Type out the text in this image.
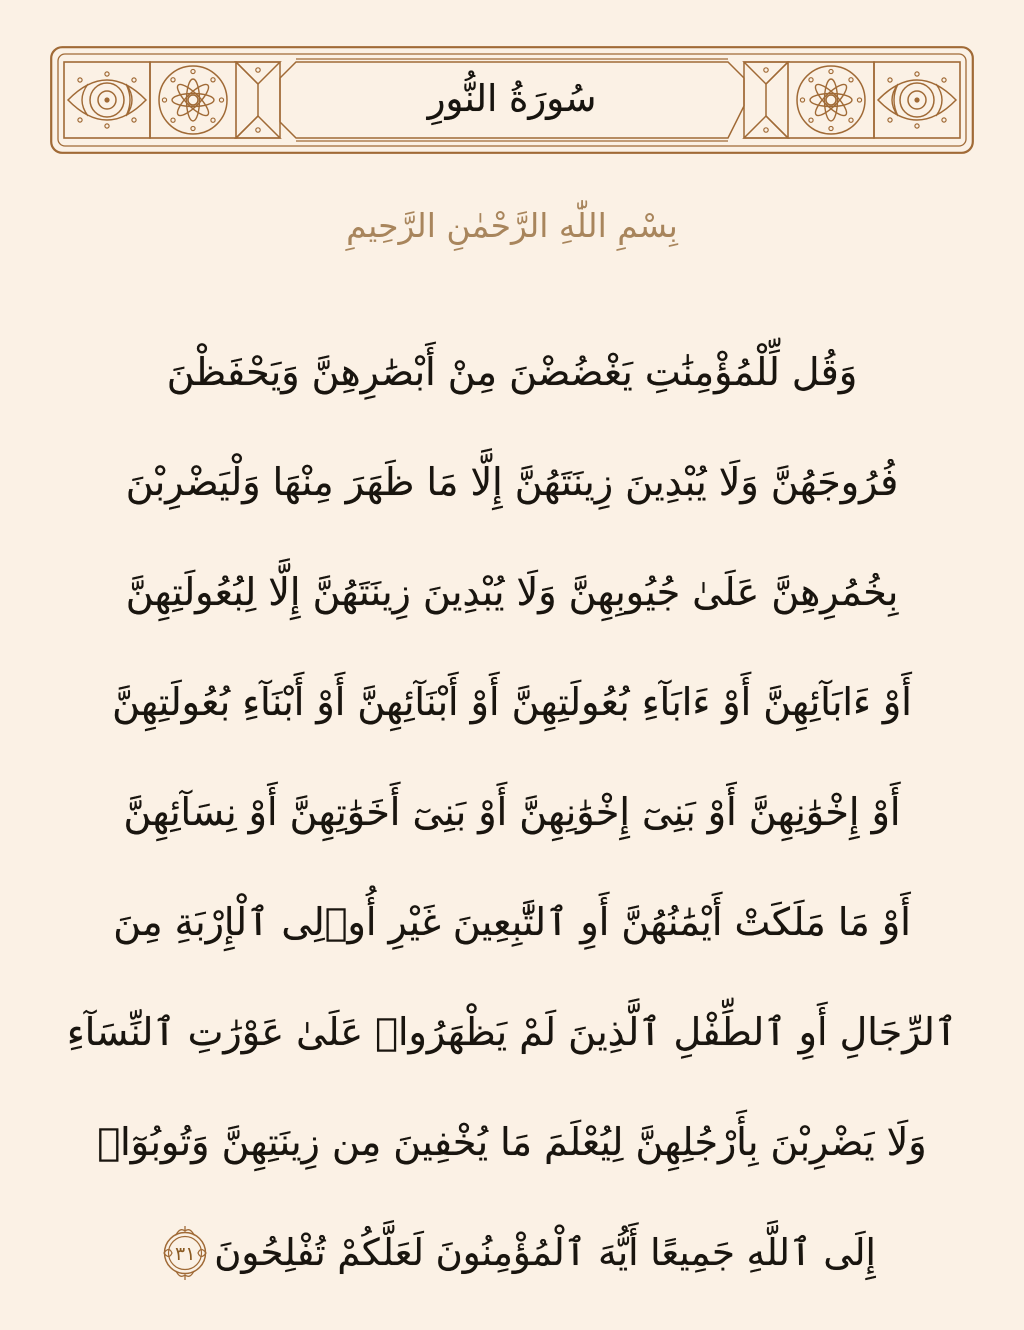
سُورَةُ النُّورِ
بِسْمِ اللّٰهِ الرَّحْمٰنِ الرَّحِيمِ
وَقُل لِّلْمُؤْمِنَٰتِ يَغْضُضْنَ مِنْ أَبْصَٰرِهِنَّ وَيَحْفَظْنَ
فُرُوجَهُنَّ وَلَا يُبْدِينَ زِينَتَهُنَّ إِلَّا مَا ظَهَرَ مِنْهَا وَلْيَضْرِبْنَ
بِخُمُرِهِنَّ عَلَىٰ جُيُوبِهِنَّ وَلَا يُبْدِينَ زِينَتَهُنَّ إِلَّا لِبُعُولَتِهِنَّ
أَوْ ءَابَآئِهِنَّ أَوْ ءَابَآءِ بُعُولَتِهِنَّ أَوْ أَبْنَآئِهِنَّ أَوْ أَبْنَآءِ بُعُولَتِهِنَّ
أَوْ إِخْوَٰنِهِنَّ أَوْ بَنِىٓ إِخْوَٰنِهِنَّ أَوْ بَنِىٓ أَخَوَٰتِهِنَّ أَوْ نِسَآئِهِنَّ
أَوْ مَا مَلَكَتْ أَيْمَٰنُهُنَّ أَوِ ٱلتَّٰبِعِينَ غَيْرِ أُو۟لِى ٱلْإِرْبَةِ مِنَ
ٱلرِّجَالِ أَوِ ٱلطِّفْلِ ٱلَّذِينَ لَمْ يَظْهَرُوا۟ عَلَىٰ عَوْرَٰتِ ٱلنِّسَآءِ
وَلَا يَضْرِبْنَ بِأَرْجُلِهِنَّ لِيُعْلَمَ مَا يُخْفِينَ مِن زِينَتِهِنَّ وَتُوبُوٓا۟
إِلَى ٱللَّهِ جَمِيعًا أَيُّهَ ٱلْمُؤْمِنُونَ لَعَلَّكُمْ تُفْلِحُونَ
٣١
